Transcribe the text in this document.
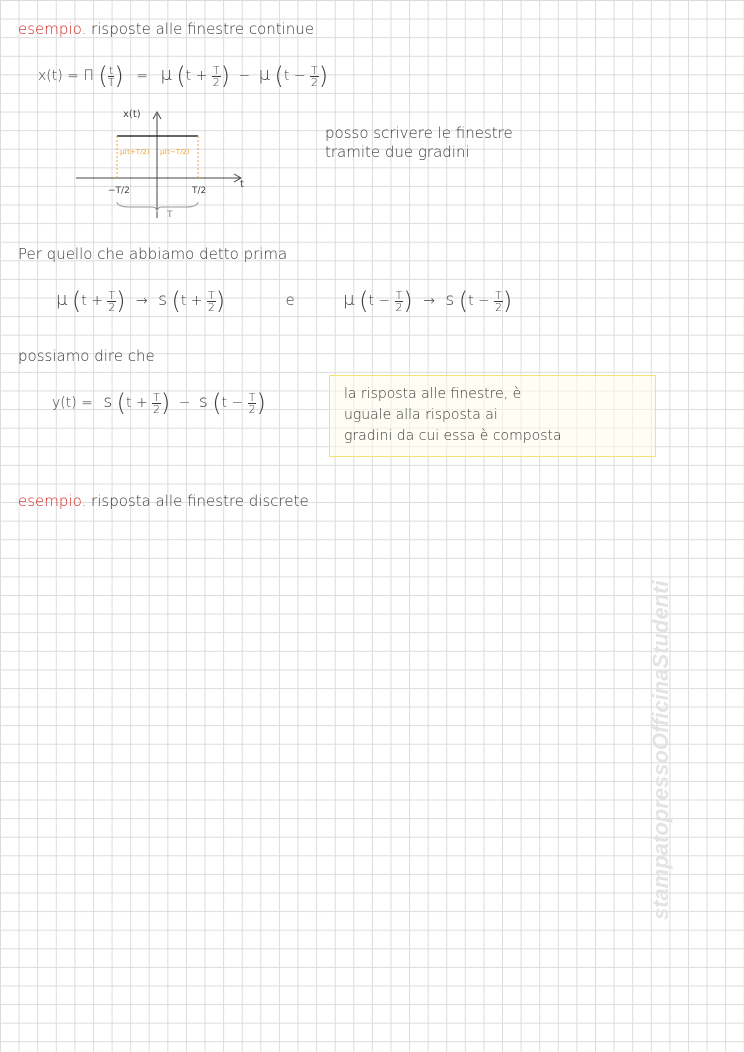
esempio. risposte alle finestre continue
x(t) = Π ( $\frac{t}{T}$ ) = μ ($t + \frac{T}{2}$ ) − μ ($t - \frac{T}{2}$ )
x(t)
t
μ(t+T/2) μ(t−T/2)
−T/2	T/2
T
posso scrivere le finestre
tramite due gradini
Per quello che abbiamo detto prima
μ ($t + \frac{T}{2}$ ) → s ($t + \frac{T}{2}$ )	e	μ ($t - \frac{T}{2}$ ) → s ($t - \frac{T}{2}$ )
possiamo dire che
y(t) = s ($t + \frac{T}{2}$ ) − s ($t - \frac{T}{2}$ )	la risposta alle finestre, è
uguale alla risposta ai
gradini da cui essa è composta
esempio. risposta alle finestre discrete
stampatopressoOfficinaStudenti
